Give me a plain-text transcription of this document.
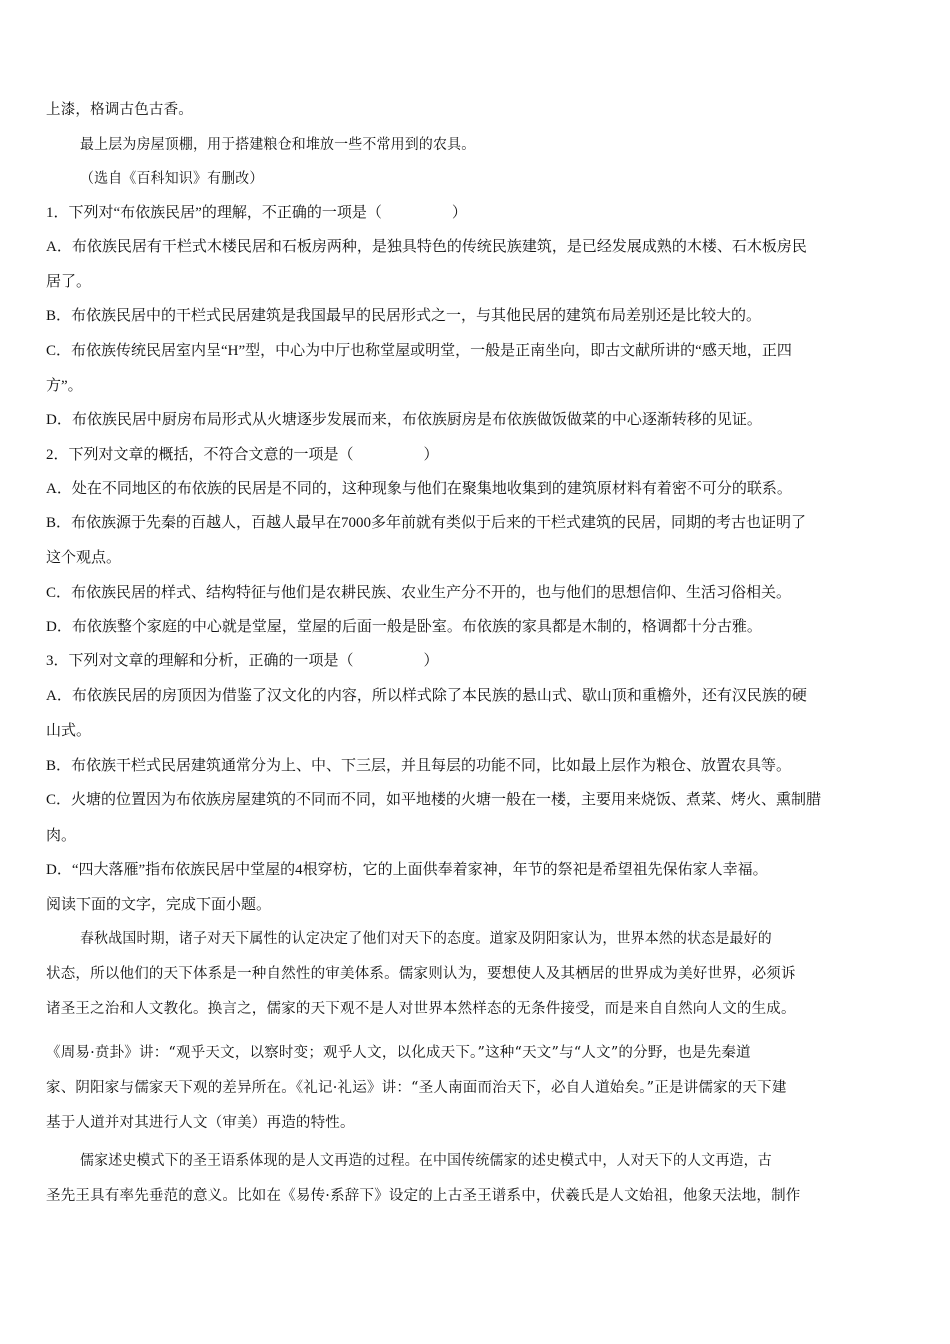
上漆，格调古色古香。
最上层为房屋顶棚，用于搭建粮仓和堆放一些不常用到的农具。
（选自《百科知识》有删改）
1．下列对“布依族民居”的理解，不正确的一项是（	）
A．布依族民居有干栏式木楼民居和石板房两种，是独具特色的传统民族建筑，是已经发展成熟的木楼、石木板房民
居了。
B．布依族民居中的干栏式民居建筑是我国最早的民居形式之一，与其他民居的建筑布局差别还是比较大的。
C．布依族传统民居室内呈“H”型，中心为中厅也称堂屋或明堂，一般是正南坐向，即古文献所讲的“感天地，正四
方”。
D．布依族民居中厨房布局形式从火塘逐步发展而来，布依族厨房是布依族做饭做菜的中心逐渐转移的见证。
2．下列对文章的概括，不符合文意的一项是（	）
A．处在不同地区的布依族的民居是不同的，这种现象与他们在聚集地收集到的建筑原材料有着密不可分的联系。
B．布依族源于先秦的百越人，百越人最早在7000多年前就有类似于后来的干栏式建筑的民居，同期的考古也证明了
这个观点。
C．布依族民居的样式、结构特征与他们是农耕民族、农业生产分不开的，也与他们的思想信仰、生活习俗相关。
D．布依族整个家庭的中心就是堂屋，堂屋的后面一般是卧室。布依族的家具都是木制的，格调都十分古雅。
3．下列对文章的理解和分析，正确的一项是（	）
A．布依族民居的房顶因为借鉴了汉文化的内容，所以样式除了本民族的悬山式、歇山顶和重檐外，还有汉民族的硬
山式。
B．布依族干栏式民居建筑通常分为上、中、下三层，并且每层的功能不同，比如最上层作为粮仓、放置农具等。
C．火塘的位置因为布依族房屋建筑的不同而不同，如平地楼的火塘一般在一楼，主要用来烧饭、煮菜、烤火、熏制腊
肉。
D．“四大落雁”指布依族民居中堂屋的4根穿枋，它的上面供奉着家神，年节的祭祀是希望祖先保佑家人幸福。
阅读下面的文字，完成下面小题。
春秋战国时期，诸子对天下属性的认定决定了他们对天下的态度。道家及阴阳家认为，世界本然的状态是最好的
状态，所以他们的天下体系是一种自然性的审美体系。儒家则认为，要想使人及其栖居的世界成为美好世界，必须诉
诸圣王之治和人文教化。换言之，儒家的天下观不是人对世界本然样态的无条件接受，而是来自自然向人文的生成。
《周易·贲卦》讲：“观乎天文，以察时变；观乎人文，以化成天下。”这种“天文”与“人文”的分野，也是先秦道
家、阴阳家与儒家天下观的差异所在。《礼记·礼运》讲：“圣人南面而治天下，必自人道始矣。”正是讲儒家的天下建
基于人道并对其进行人文（审美）再造的特性。
儒家述史模式下的圣王语系体现的是人文再造的过程。在中国传统儒家的述史模式中，人对天下的人文再造，古
圣先王具有率先垂范的意义。比如在《易传·系辞下》设定的上古圣王谱系中，伏羲氏是人文始祖，他象天法地，制作
